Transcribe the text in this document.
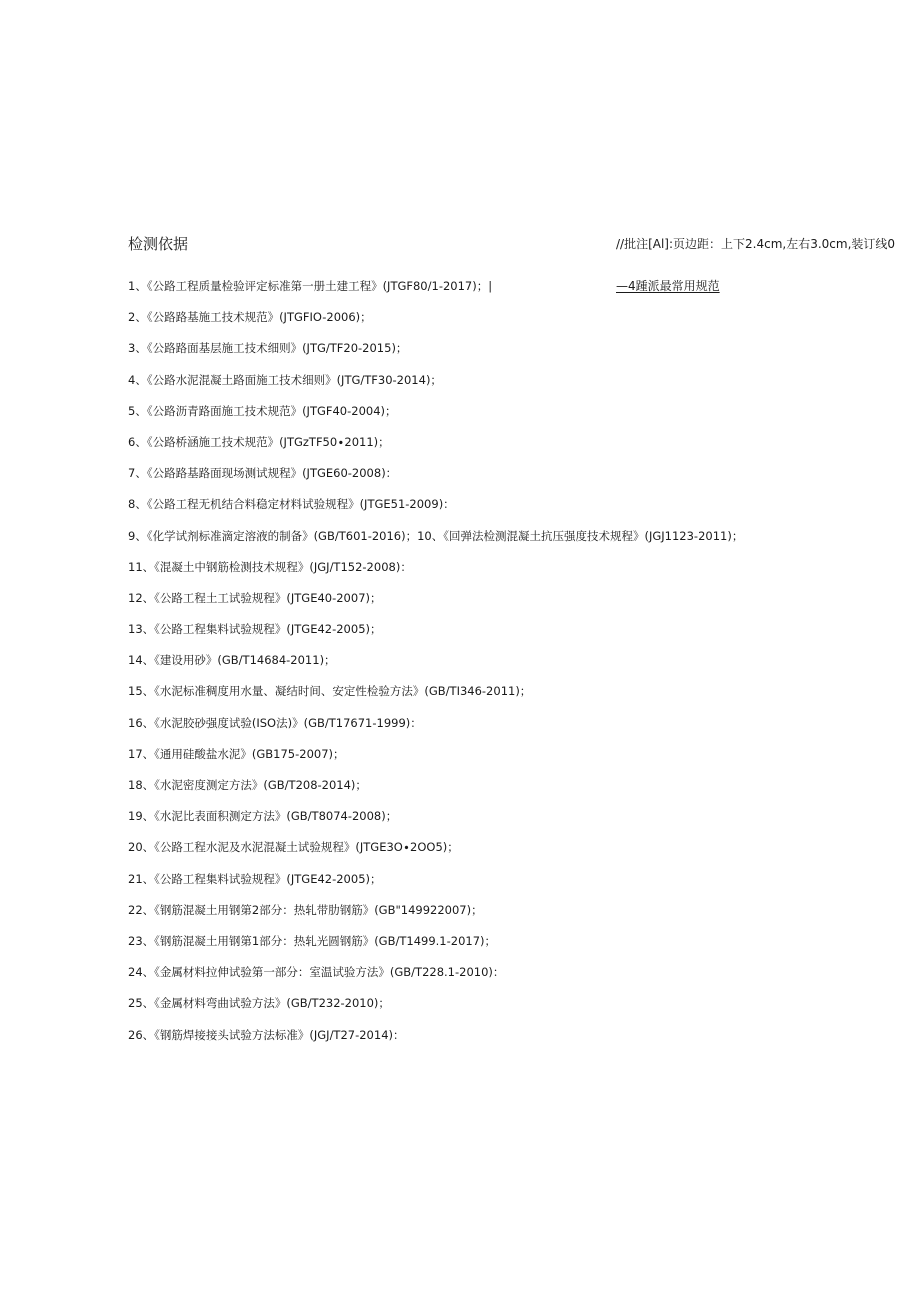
检测依据	//批注[Al]:页边距：上下2.4cm,左右3.0cm,装订线0
—4踵派最常用规范
1、《公路工程质量检验评定标准第一册土建工程》(JTGF80/1-2017)；|
2、《公路路基施工技术规范》(JTGFIO-2006)；
3、《公路路面基层施工技术细则》(JTG/TF20-2015)；
4、《公路水泥混凝土路面施工技术细则》(JTG/TF30-2014)；
5、《公路沥青路面施工技术规范》(JTGF40-2004)；
6、《公路桥涵施工技术规范》(JTGzTF50∙2011)；
7、《公路路基路面现场测试规程》(JTGE60-2008)：
8、《公路工程无机结合料稳定材料试验规程》(JTGE51-2009)：
9、《化学试剂标准滴定溶液的制备》(GB/T601-2016)；10、《回弹法检测混凝土抗压强度技术规程》(JGJ1123-2011)；
11、《混凝土中钢筋检测技术规程》(JGJ/T152-2008)：
12、《公路工程土工试验规程》(JTGE40-2007)；
13、《公路工程集料试验规程》(JTGE42-2005)；
14、《建设用砂》(GB/T14684-2011)；
15、《水泥标准稠度用水量、凝结时间、安定性检验方法》(GB/TI346-2011)；
16、《水泥胶砂强度试验(ISO法)》(GB/T17671-1999)：
17、《通用硅酸盐水泥》(GB175-2007)；
18、《水泥密度测定方法》(GB/T208-2014)；
19、《水泥比表面积测定方法》(GB/T8074-2008)；
20、《公路工程水泥及水泥混凝土试验规程》(JTGE3O∙2OO5)；
21、《公路工程集料试验规程》(JTGE42-2005)；
22、《钢筋混凝土用钢第2部分：热轧带肋钢筋》(GB"149922007)；
23、《钢筋混凝土用钢第1部分：热轧光圆钢筋》(GB/T1499.1-2017)；
24、《金属材料拉伸试验第一部分：室温试验方法》(GB/T228.1-2010)：
25、《金属材料弯曲试验方法》(GB/T232-2010)；
26、《钢筋焊接接头试验方法标准》(JGJ/T27-2014)：
